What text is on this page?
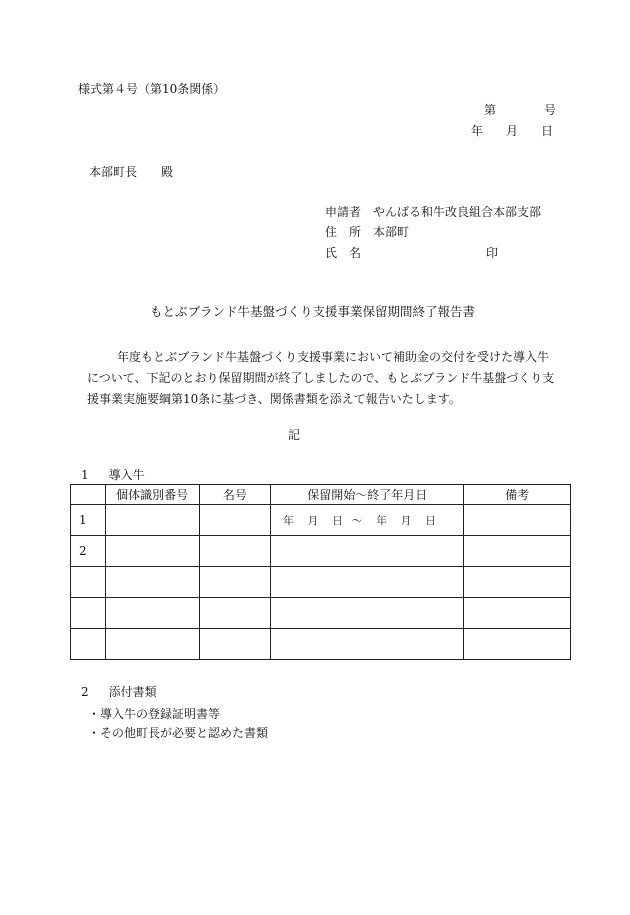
様式第４号（第10条関係）
第	号
年 月 日
本部町長 殿
申請者 やんばる和牛改良組合本部支部
住　所 本部町
氏　名	印
もとぶブランド牛基盤づくり支援事業保留期間終了報告書
年度もとぶブランド牛基盤づくり支援事業において補助金の交付を受けた導入牛について、下記のとおり保留期間が終了しましたので、もとぶブランド牛基盤づくり支援事業実施要綱第10条に基づき、関係書類を添えて報告いたします。
記
1 導入牛
	個体識別番号	名号	保留開始～終了年月日	備考
1			年 月 日 ～ 年 月 日	
2				

2 添付書類
・導入牛の登録証明書等
・その他町長が必要と認めた書類
